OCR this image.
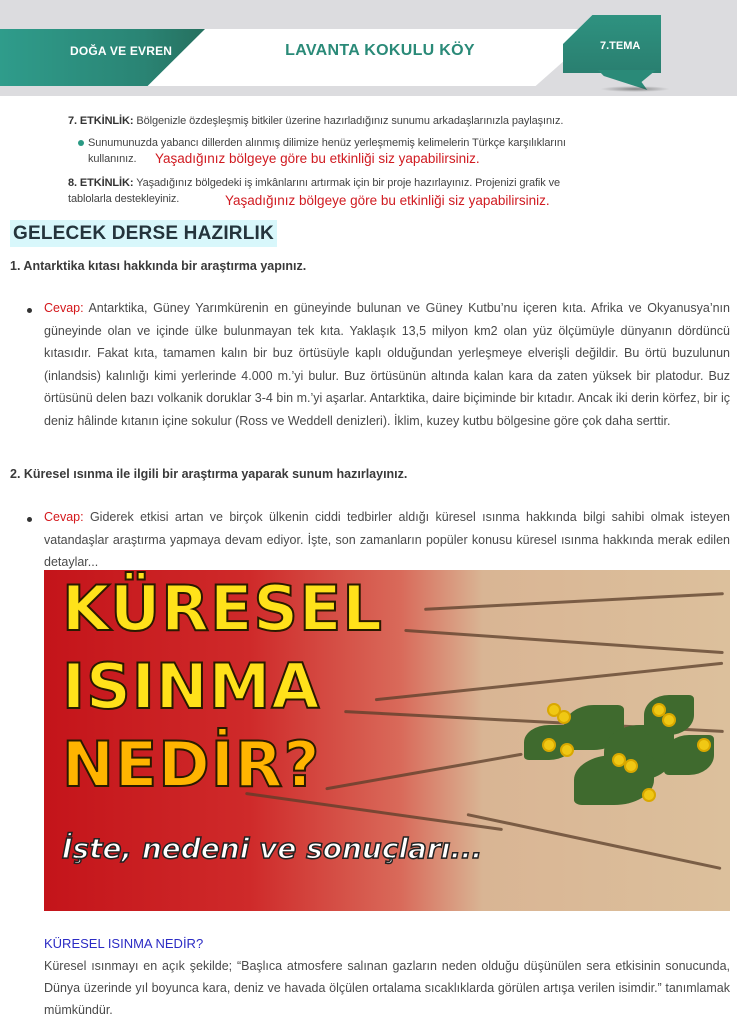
DOĞA VE EVREN	LAVANTA KOKULU KÖY	7.TEMA
7. ETKİNLİK: Bölgenizle özdeşleşmiş bitkiler üzerine hazırladığınız sunumu arkadaşlarınızla paylaşınız.
Sunumunuzda yabancı dillerden alınmış dilimize henüz yerleşmemiş kelimelerin Türkçe karşılıklarını
kullanınız. Yaşadığınız bölgeye göre bu etkinliği siz yapabilirsiniz.
8. ETKİNLİK: Yaşadığınız bölgedeki iş imkânlarını artırmak için bir proje hazırlayınız. Projenizi grafik ve
tablolarla destekleyiniz.	Yaşadığınız bölgeye göre bu etkinliği siz yapabilirsiniz.
GELECEK DERSE HAZIRLIK
1. Antarktika kıtası hakkında bir araştırma yapınız.
Cevap: Antarktika, Güney Yarımkürenin en güneyinde bulunan ve Güney Kutbu’nu içeren kıta. Afrika ve Okyanusya’nın güneyinde olan ve içinde ülke bulunmayan tek kıta. Yaklaşık 13,5 milyon km2 olan yüz ölçümüyle dünyanın dördüncü kıtasıdır. Fakat kıta, tamamen kalın bir buz örtüsüyle kaplı olduğundan yerleşmeye elverişli değildir. Bu örtü buzulunun (inlandsis) kalınlığı kimi yerlerinde 4.000 m.’yi bulur. Buz örtüsünün altında kalan kara da zaten yüksek bir platodur. Buz örtüsünü delen bazı volkanik doruklar 3-4 bin m.’yi aşarlar. Antarktika, daire biçiminde bir kıtadır. Ancak iki derin körfez, bir iç deniz hâlinde kıtanın içine sokulur (Ross ve Weddell denizleri). İklim, kuzey kutbu bölgesine göre çok daha serttir.
2. Küresel ısınma ile ilgili bir araştırma yaparak sunum hazırlayınız.
Cevap: Giderek etkisi artan ve birçok ülkenin ciddi tedbirler aldığı küresel ısınma hakkında bilgi sahibi olmak isteyen vatandaşlar araştırma yapmaya devam ediyor. İşte, son zamanların popüler konusu küresel ısınma hakkında merak edilen detaylar...
KÜRESEL
ISINMA
NEDİR?
İşte, nedeni ve sonuçları...
KÜRESEL ISINMA NEDİR?
Küresel ısınmayı en açık şekilde; “Başlıca atmosfere salınan gazların neden olduğu düşünülen sera etkisinin sonucunda, Dünya üzerinde yıl boyunca kara, deniz ve havada ölçülen ortalama sıcaklıklarda görülen artışa verilen isimdir.” tanımlamak mümkündür.
